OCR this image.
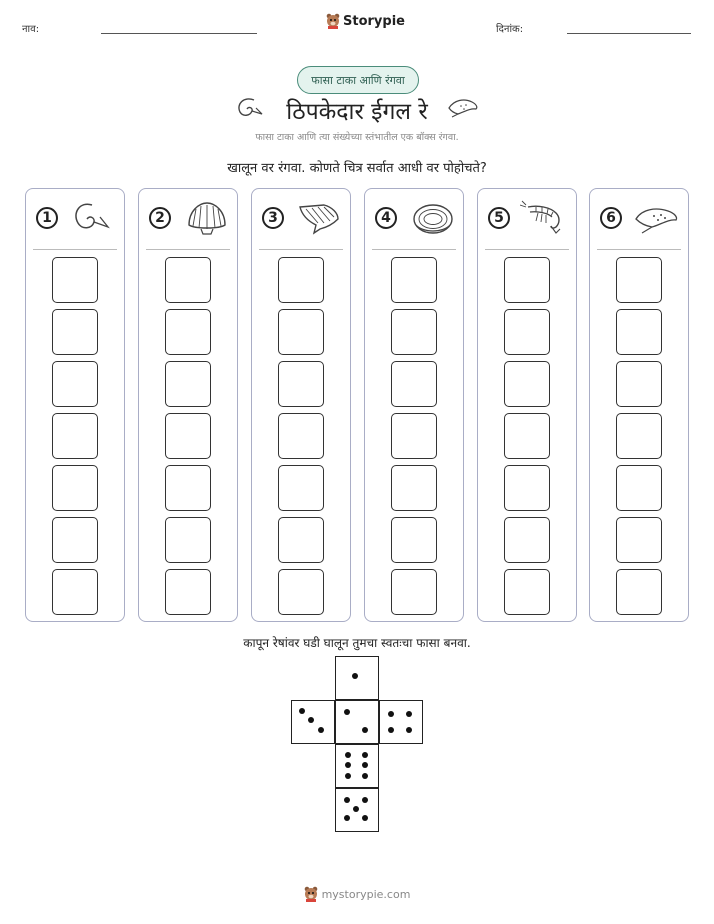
नाव:
Storypie
दिनांक:
फासा टाका आणि रंगवा
ठिपकेदार ईगल रे
फासा टाका आणि त्या संख्येच्या स्तंभातील एक बॉक्स रंगवा.
खालून वर रंगवा. कोणते चित्र सर्वात आधी वर पोहोचते?
1	2	3	4	5	6
कापून रेषांवर घडी घालून तुमचा स्वतःचा फासा बनवा.
mystorypie.com
